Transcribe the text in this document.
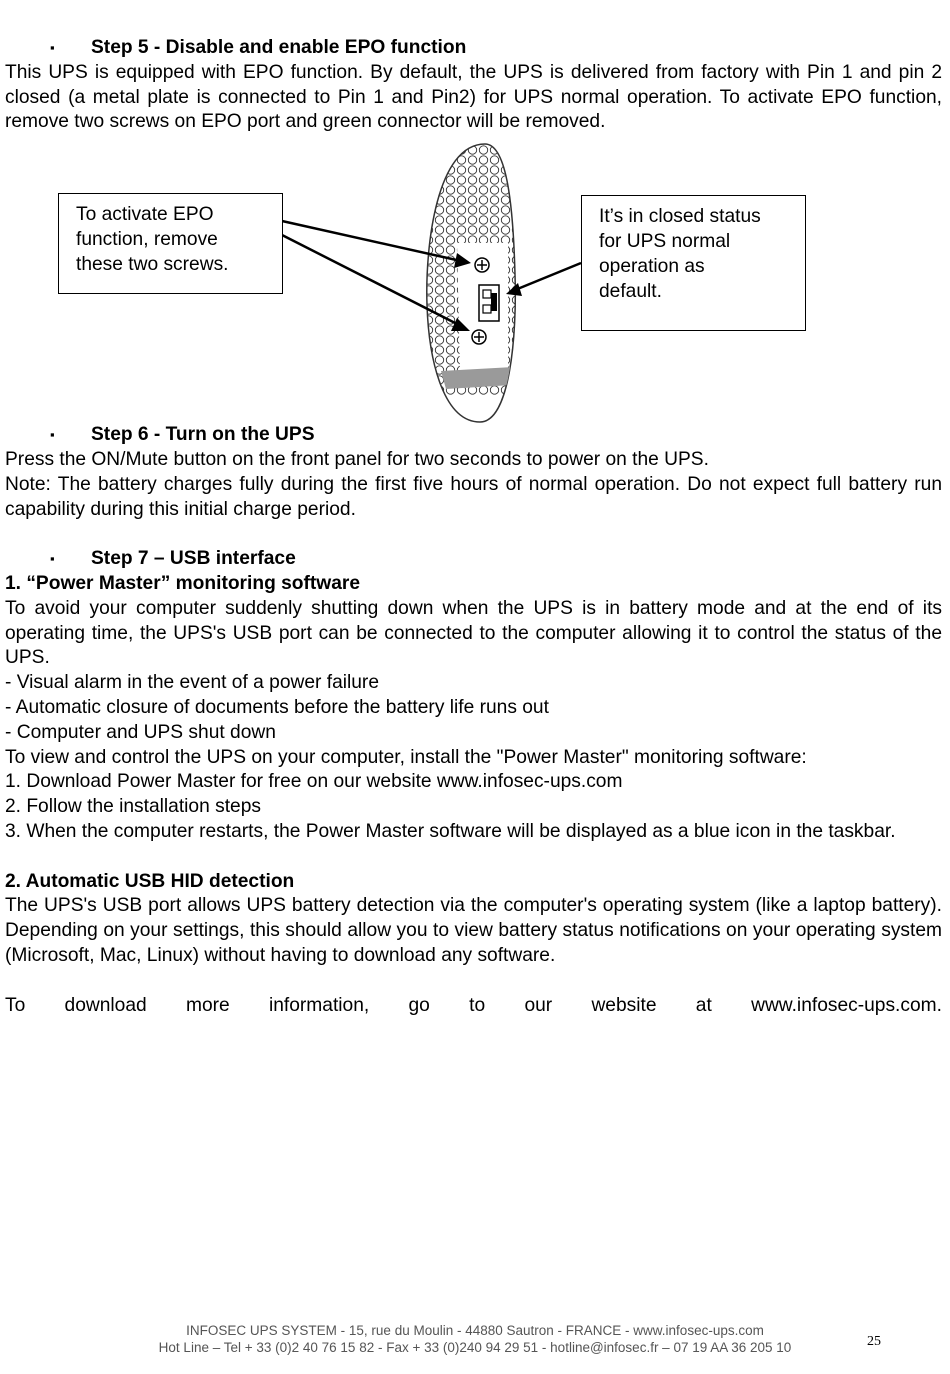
▪ Step 5 - Disable and enable EPO function

This UPS is equipped with EPO function. By default, the UPS is delivered from factory with Pin 1 and pin 2 closed (a metal plate is connected to Pin 1 and Pin2) for UPS normal operation. To activate EPO function, remove two screws on EPO port and green connector will be removed.

To activate EPO
function, remove
these two screws.
It’s in closed status
for UPS normal
operation as
default.
▪ Step 6 - Turn on the UPS

Press the ON/Mute button on the front panel for two seconds to power on the UPS.

Note: The battery charges fully during the first five hours of normal operation. Do not expect full battery run capability during this initial charge period.

▪ Step 7 – USB interface

1. “Power Master” monitoring software

To avoid your computer suddenly shutting down when the UPS is in battery mode and at the end of its operating time, the UPS's USB port can be connected to the computer allowing it to control the status of the UPS.

- Visual alarm in the event of a power failure

- Automatic closure of documents before the battery life runs out

- Computer and UPS shut down

To view and control the UPS on your computer, install the "Power Master" monitoring software:

1. Download Power Master for free on our website www.infosec-ups.com

2. Follow the installation steps

3. When the computer restarts, the Power Master software will be displayed as a blue icon in the taskbar.

2. Automatic USB HID detection

The UPS's USB port allows UPS battery detection via the computer's operating system (like a laptop battery). Depending on your settings, this should allow you to view battery status notifications on your operating system (Microsoft, Mac, Linux) without having to download any software.

To download more information, go to our website at www.infosec-ups.com.
INFOSEC UPS SYSTEM - 15, rue du Moulin - 44880 Sautron - FRANCE - www.infosec-ups.com
Hot Line – Tel + 33 (0)2 40 76 15 82 - Fax + 33 (0)240 94 29 51 - hotline@infosec.fr – 07 19 AA 36 205 10	25
